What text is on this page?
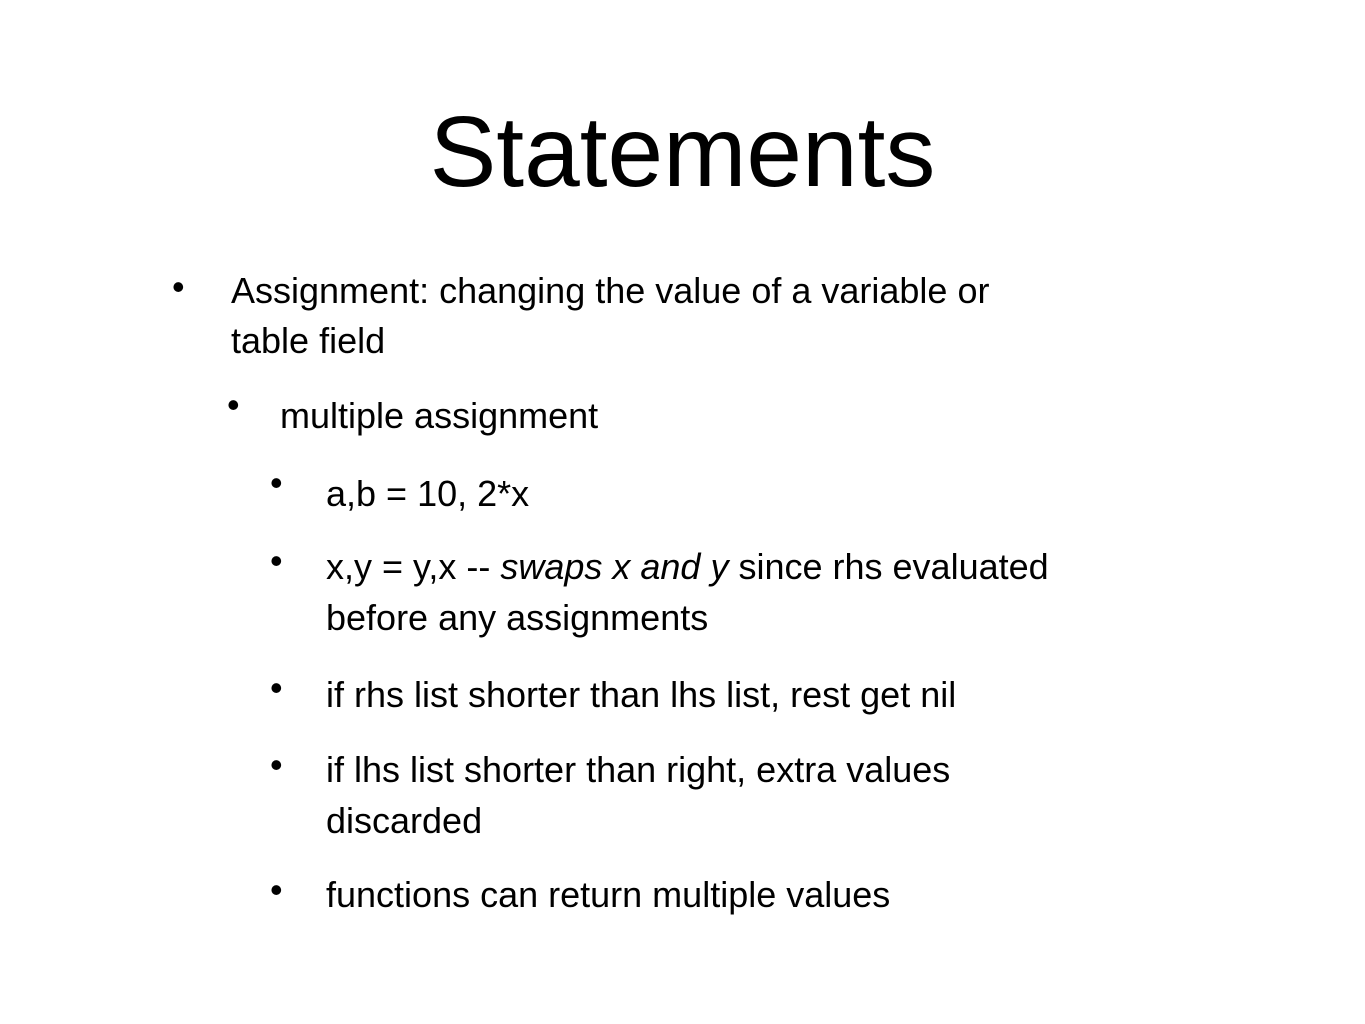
Statements
• Assignment: changing the value of a variable or
table field
• multiple assignment
• a,b = 10, 2*x
• x,y = y,x -- swaps x and y since rhs evaluated
before any assignments
• if rhs list shorter than lhs list, rest get nil
• if lhs list shorter than right, extra values
discarded
• functions can return multiple values
